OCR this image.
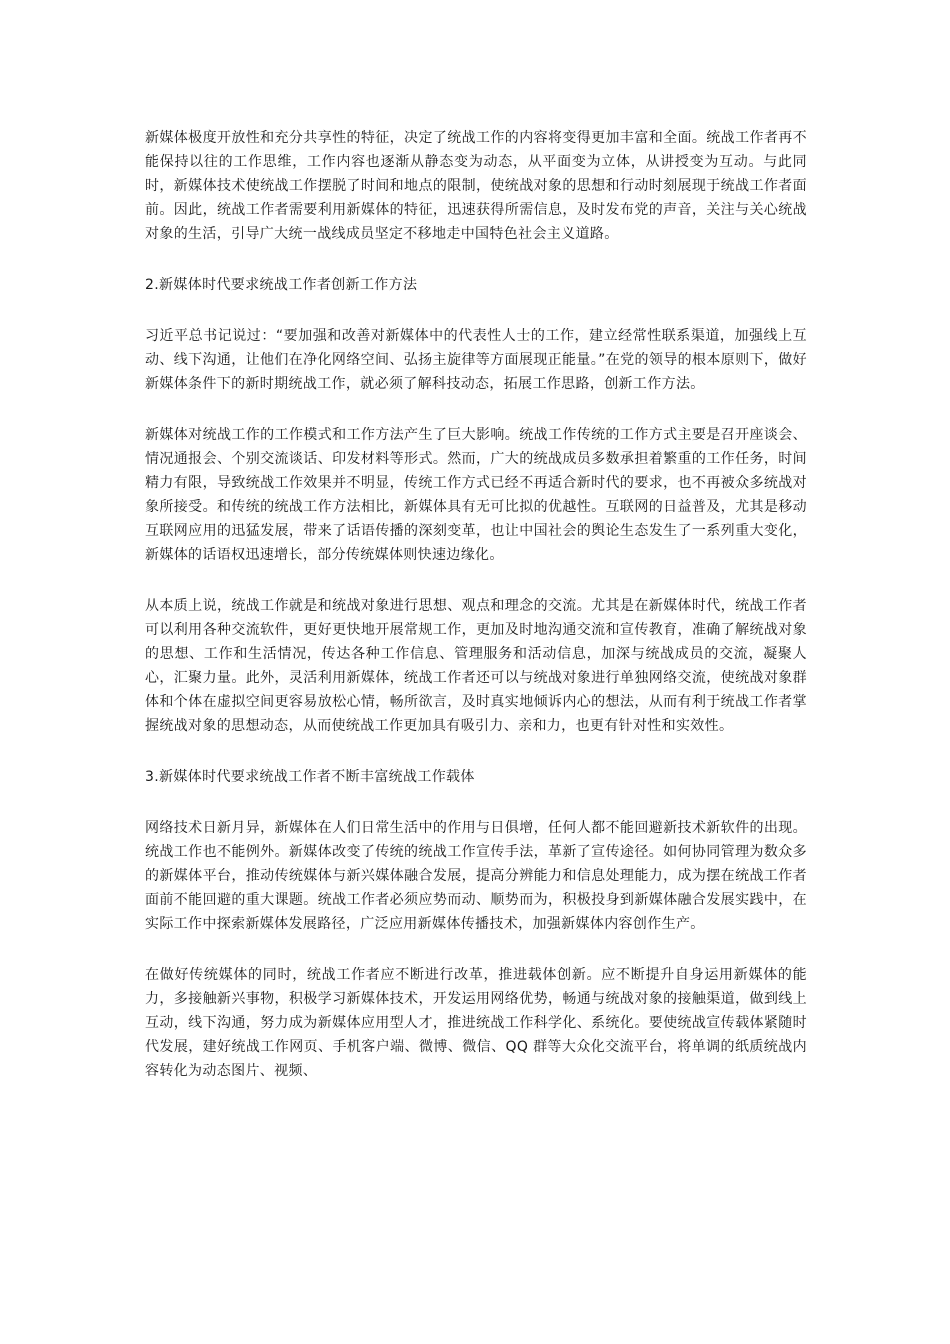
新媒体极度开放性和充分共享性的特征，决定了统战工作的内容将变得更加丰富和全面。统战工作者再不能保持以往的工作思维，工作内容也逐渐从静态变为动态，从平面变为立体，从讲授变为互动。与此同时，新媒体技术使统战工作摆脱了时间和地点的限制，使统战对象的思想和行动时刻展现于统战工作者面前。因此，统战工作者需要利用新媒体的特征，迅速获得所需信息，及时发布党的声音，关注与关心统战对象的生活，引导广大统一战线成员坚定不移地走中国特色社会主义道路。

2.新媒体时代要求统战工作者创新工作方法

习近平总书记说过：“要加强和改善对新媒体中的代表性人士的工作，建立经常性联系渠道，加强线上互动、线下沟通，让他们在净化网络空间、弘扬主旋律等方面展现正能量。”在党的领导的根本原则下，做好新媒体条件下的新时期统战工作，就必须了解科技动态，拓展工作思路，创新工作方法。

新媒体对统战工作的工作模式和工作方法产生了巨大影响。统战工作传统的工作方式主要是召开座谈会、情况通报会、个别交流谈话、印发材料等形式。然而，广大的统战成员多数承担着繁重的工作任务，时间精力有限，导致统战工作效果并不明显，传统工作方式已经不再适合新时代的要求，也不再被众多统战对象所接受。和传统的统战工作方法相比，新媒体具有无可比拟的优越性。互联网的日益普及，尤其是移动互联网应用的迅猛发展，带来了话语传播的深刻变革，也让中国社会的舆论生态发生了一系列重大变化，新媒体的话语权迅速增长，部分传统媒体则快速边缘化。

从本质上说，统战工作就是和统战对象进行思想、观点和理念的交流。尤其是在新媒体时代，统战工作者可以利用各种交流软件，更好更快地开展常规工作，更加及时地沟通交流和宣传教育，准确了解统战对象的思想、工作和生活情况，传达各种工作信息、管理服务和活动信息，加深与统战成员的交流，凝聚人心，汇聚力量。此外，灵活利用新媒体，统战工作者还可以与统战对象进行单独网络交流，使统战对象群体和个体在虚拟空间更容易放松心情，畅所欲言，及时真实地倾诉内心的想法，从而有利于统战工作者掌握统战对象的思想动态，从而使统战工作更加具有吸引力、亲和力，也更有针对性和实效性。

3.新媒体时代要求统战工作者不断丰富统战工作载体

网络技术日新月异，新媒体在人们日常生活中的作用与日俱增，任何人都不能回避新技术新软件的出现。统战工作也不能例外。新媒体改变了传统的统战工作宣传手法，革新了宣传途径。如何协同管理为数众多的新媒体平台，推动传统媒体与新兴媒体融合发展，提高分辨能力和信息处理能力，成为摆在统战工作者面前不能回避的重大课题。统战工作者必须应势而动、顺势而为，积极投身到新媒体融合发展实践中，在实际工作中探索新媒体发展路径，广泛应用新媒体传播技术，加强新媒体内容创作生产。

在做好传统媒体的同时，统战工作者应不断进行改革，推进载体创新。应不断提升自身运用新媒体的能力，多接触新兴事物，积极学习新媒体技术，开发运用网络优势，畅通与统战对象的接触渠道，做到线上互动，线下沟通，努力成为新媒体应用型人才，推进统战工作科学化、系统化。要使统战宣传载体紧随时代发展，建好统战工作网页、手机客户端、微博、微信、QQ 群等大众化交流平台，将单调的纸质统战内容转化为动态图片、视频、
